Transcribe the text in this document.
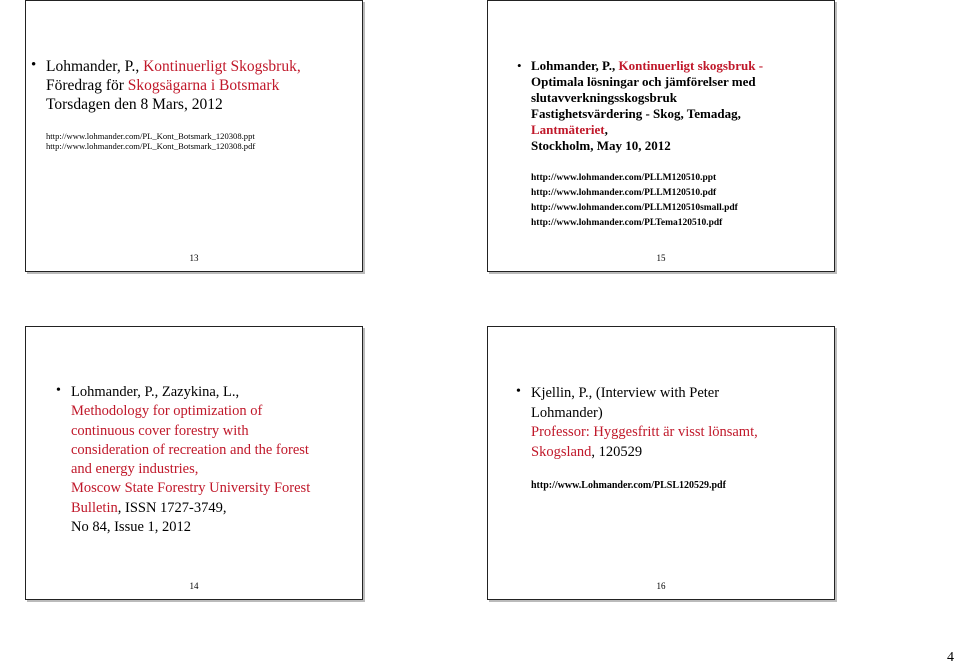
• Lohmander, P., Kontinuerligt Skogsbruk,
Föredrag för Skogsägarna i Botsmark
Torsdagen den 8 Mars, 2012
http://www.lohmander.com/PL_Kont_Botsmark_120308.ppt
http://www.lohmander.com/PL_Kont_Botsmark_120308.pdf
13
• Lohmander, P., Kontinuerligt skogsbruk -
Optimala lösningar och jämförelser med
slutavverkningsskogsbruk
Fastighetsvärdering - Skog, Temadag,
Lantmäteriet,
Stockholm, May 10, 2012
http://www.lohmander.com/PLLM120510.ppt
http://www.lohmander.com/PLLM120510.pdf
http://www.lohmander.com/PLLM120510small.pdf
http://www.lohmander.com/PLTema120510.pdf
15
• Lohmander, P., Zazykina, L.,
Methodology for optimization of
continuous cover forestry with
consideration of recreation and the forest
and energy industries,
Moscow State Forestry University Forest
Bulletin, ISSN 1727-3749,
No 84, Issue 1, 2012
14
• Kjellin, P., (Interview with Peter
Lohmander)
Professor: Hyggesfritt är visst lönsamt,
Skogsland, 120529
http://www.Lohmander.com/PLSL120529.pdf
16
4
